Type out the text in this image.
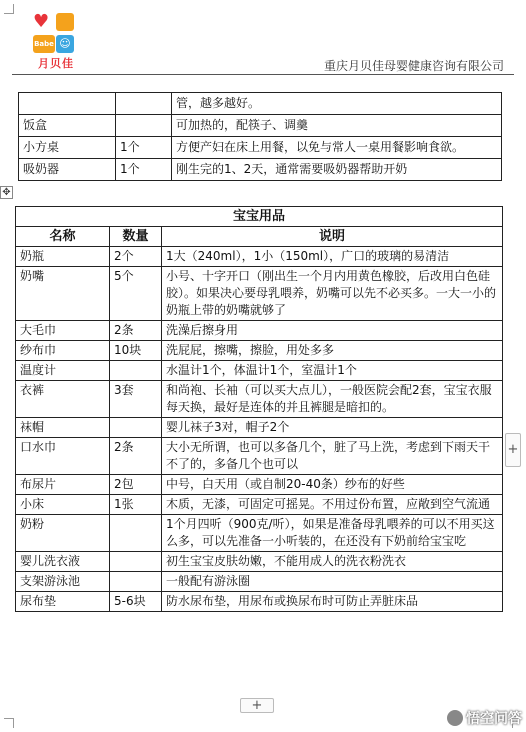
♥
Babe ☺
月贝佳	重庆月贝佳母婴健康咨询有限公司
		管，越多越好。
饭盒		可加热的，配筷子、调羹
小方桌	1个	方便产妇在床上用餐，以免与常人一桌用餐影响食欲。
吸奶器	1个	刚生完的1、2天，通常需要吸奶器帮助开奶
✥
宝宝用品		
名称	数量	说明
奶瓶	2个	1大（240ml），1小（150ml），广口的玻璃的易清洁
奶嘴	5个	小号、十字开口（刚出生一个月内用黄色橡胶，后改用白色硅胶）。如果决心要母乳喂养，奶嘴可以先不必买多。一大一小的奶瓶上带的奶嘴就够了
大毛巾	2条	洗澡后擦身用
纱布巾	10块	洗屁屁，擦嘴，擦脸，用处多多
温度计		水温计1个，体温计1个，室温计1个
衣裤	3套	和尚袍、长袖（可以买大点儿），一般医院会配2套，宝宝衣服每天换，最好是连体的并且裤腿是暗扣的。
袜帽		婴儿袜子3对，帽子2个
口水巾	2条	大小无所谓，也可以多备几个，脏了马上洗，考虑到下雨天干不了的，多备几个也可以
布尿片	2包	中号，白天用（或自制20-40条）纱布的好些
小床	1张	木质，无漆，可固定可摇晃。不用过份布置，应敞到空气流通
奶粉		1个月四听（900克/听），如果是准备母乳喂养的可以不用买这么多，可以先准备一小听装的，在还没有下奶前给宝宝吃
婴儿洗衣液		初生宝宝皮肤幼嫩，不能用成人的洗衣粉洗衣
支架游泳池		一般配有游泳圈
尿布垫	5-6块	防水尿布垫，用尿布或换尿布时可防止弄脏床品
+
+
悟空问答
